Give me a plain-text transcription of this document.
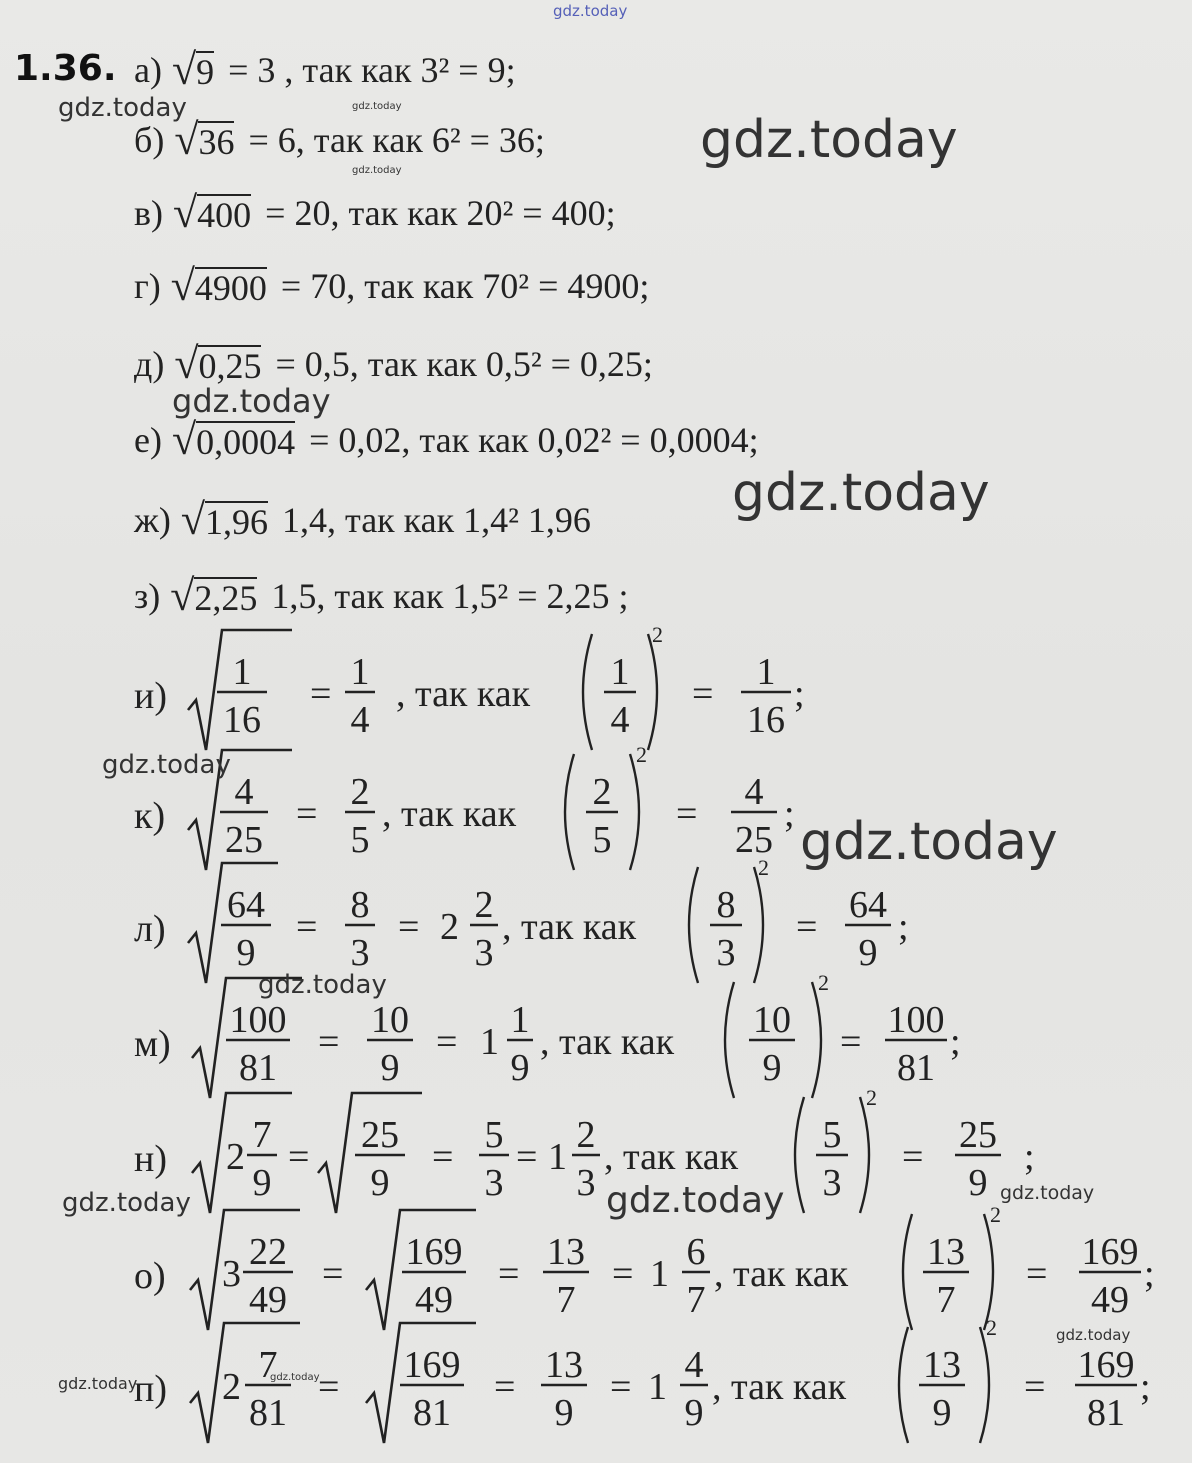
gdz.today
1.36. а) √ 9 = 3 , так как 3² = 9;
б) √ 36 = 6, так как 6² = 36;
в) √ 400 = 20, так как 20² = 400;
г) √ 4900 = 70, так как 70² = 4900;
д) √ 0,25 = 0,5, так как 0,5² = 0,25;
е) √ 0,0004 = 0,02, так как 0,02² = 0,0004;
ж) √ 1,96 1,4, так как 1,4² 1,96
з) √ 2,25 1,5, так как 1,5² = 2,25 ;
и)
1
16
=
1
4
, так как
1
4
2
=
1
16
;
к)
4
25
=
2
5
, так как
2
5
2
=
4
25
;
л)
64
9
=
8
3
= 2
2
3
, так как
8
3
2
=
64
9
;
м)
100
81
=
10
9
= 1
1
9
, так как
10
9
2
=
100
81
;
н) 2
7
9
=
25
9
=
5
3
= 1
2
3
, так как
5
3
2
=
25
9
;
о) 3
22
49
=
169
49
=
13
7
= 1
6
7
, так как
13
7
2
=
169
49
;
п) 2
7
81
=
169
81
=
13
9
= 1
4
9
, так как
13
9
2
=
169
81
;
gdz.today	gdz.today
gdz.today
gdz.today
gdz.today
gdz.today
gdz.today
gdz.today
gdz.today
gdz.today	gdz.today	gdz.today
gdz.today
gdz.today	gdz.today
